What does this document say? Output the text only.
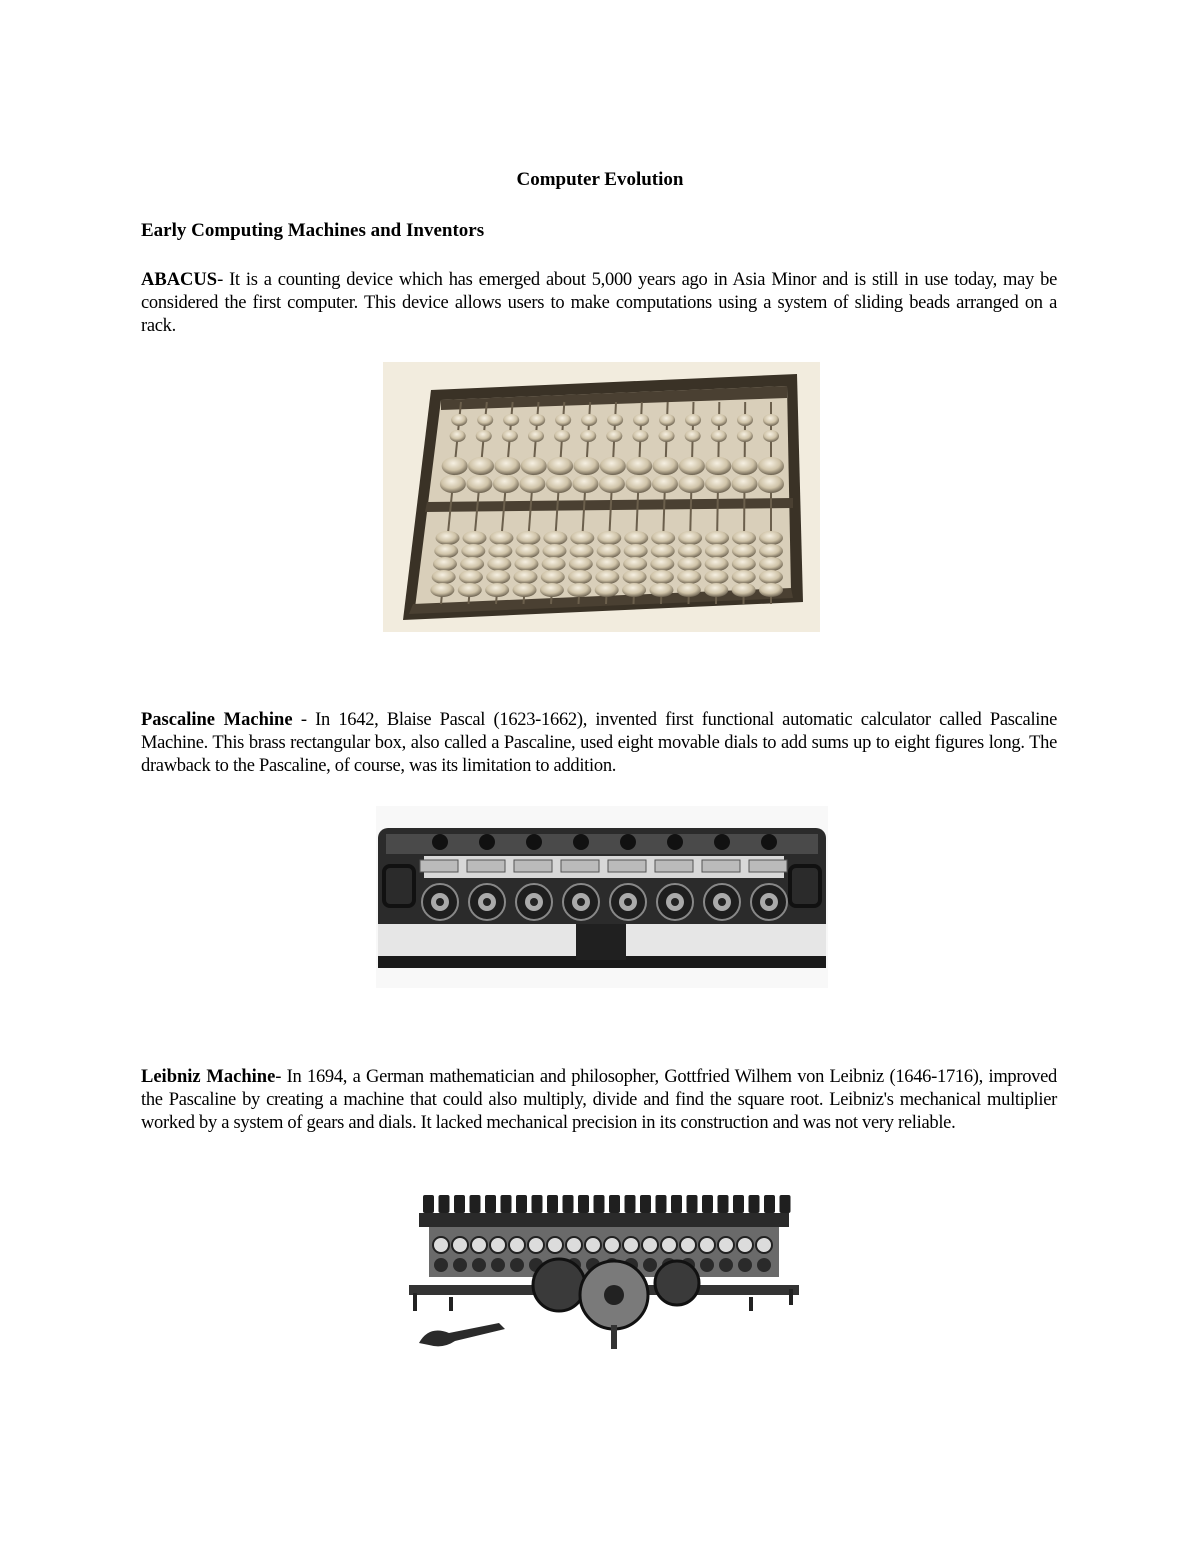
Computer Evolution
Early Computing Machines and Inventors
ABACUS- It is a counting device which has emerged about 5,000 years ago in Asia Minor and is still in use today, may be considered the first computer. This device allows users to make computations using a system of sliding beads arranged on a rack.
Pascaline Machine - In 1642, Blaise Pascal (1623-1662), invented first functional automatic calculator called Pascaline Machine. This brass rectangular box, also called a Pascaline, used eight movable dials to add sums up to eight figures long. The drawback to the Pascaline, of course, was its limitation to addition.
Leibniz Machine- In 1694, a German mathematician and philosopher, Gottfried Wilhem von Leibniz (1646-1716), improved the Pascaline by creating a machine that could also multiply, divide and find the square root. Leibniz's mechanical multiplier worked by a system of gears and dials. It lacked mechanical precision in its construction and was not very reliable.
